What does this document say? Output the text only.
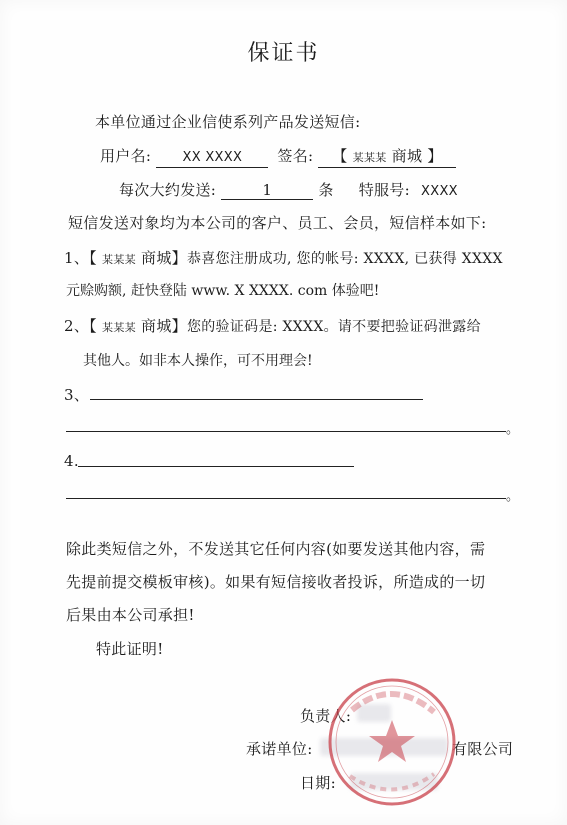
保证书
本单位通过企业信使系列产品发送短信:
用户名: XX XXXX 签名: 【 某某某 商城 】
每次大约发送:	1	条 特服号: XXXX
短信发送对象均为本公司的客户、员工、会员，短信样本如下:
1、【 某某某 商城】恭喜您注册成功, 您的帐号: XXXX, 已获得 XXXX
元赊购额, 赶快登陆 www. X XXXX. com 体验吧!
2、【 某某某 商城】您的验证码是: XXXX。请不要把验证码泄露给
其他人。如非本人操作，可不用理会!
3、
。
4.
。
除此类短信之外，不发送其它任何内容(如要发送其他内容，需
先提前提交模板审核)。如果有短信接收者投诉，所造成的一切
后果由本公司承担!
特此证明!
负责人:
承诺单位:	有限公司
日期:
